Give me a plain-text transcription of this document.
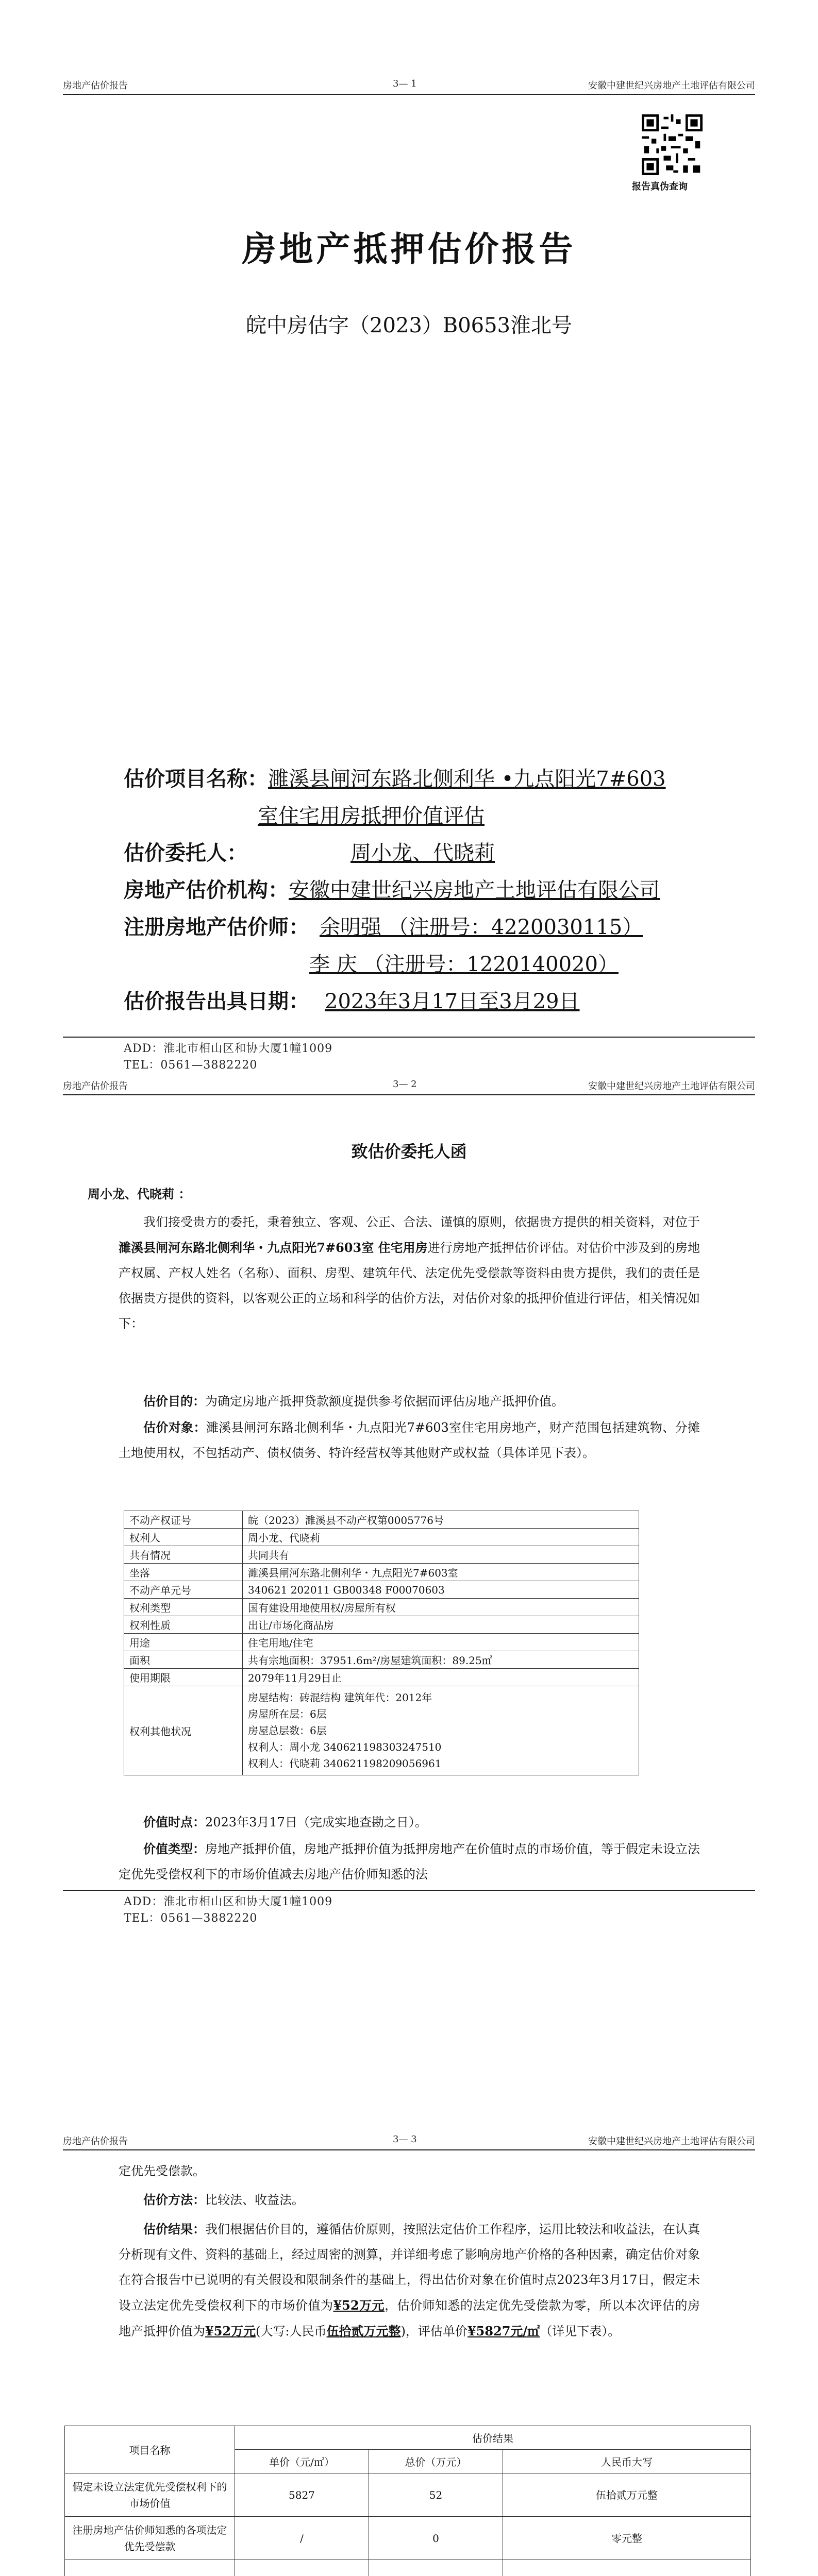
房地产估价报告	3— 1	安徽中建世纪兴房地产土地评估有限公司
报告真伪查询
房地产抵押估价报告
皖中房估字（2023）B0653淮北号
估价项目名称：濉溪县闸河东路北侧利华 •九点阳光7#603
室住宅用房抵押价值评估
估价委托人：	周小龙、代晓莉
房地产估价机构：安徽中建世纪兴房地产土地评估有限公司
注册房地产估价师： 余明强 （注册号：4220030115）
李 庆 （注册号：1220140020）
估价报告出具日期： 2023年3月17日至3月29日
ADD：淮北市相山区和协大厦1幢1009
TEL：0561—3882220
房地产估价报告	3— 2	安徽中建世纪兴房地产土地评估有限公司
致估价委托人函
周小龙、代晓莉 ：

我们接受贵方的委托，秉着独立、客观、公正、合法、谨慎的原则，依据贵方提供的相关资料，对位于濉溪县闸河东路北侧利华・九点阳光7#603室 住宅用房进行房地产抵押估价评估。对估价中涉及到的房地产权属、产权人姓名（名称）、面积、房型、建筑年代、法定优先受偿款等资料由贵方提供，我们的责任是依据贵方提供的资料，以客观公正的立场和科学的估价方法，对估价对象的抵押价值进行评估，相关情况如下：

估价目的：为确定房地产抵押贷款额度提供参考依据而评估房地产抵押价值。

估价对象：濉溪县闸河东路北侧利华・九点阳光7#603室住宅用房地产，财产范围包括建筑物、分摊土地使用权，不包括动产、债权债务、特许经营权等其他财产或权益（具体详见下表）。

不动产权证号	皖（2023）濉溪县不动产权第0005776号
权利人	周小龙、代晓莉
共有情况	共同共有
坐落	濉溪县闸河东路北侧利华・九点阳光7#603室
不动产单元号	340621 202011 GB00348 F00070603
权利类型	国有建设用地使用权/房屋所有权
权利性质	出让/市场化商品房
用途	住宅用地/住宅
面积	共有宗地面积：37951.6m²/房屋建筑面积：89.25㎡
使用期限	2079年11月29日止
权利其他状况	房屋结构：砖混结构 建筑年代：2012年
房屋所在层：6层
房屋总层数：6层
权利人：周小龙 340621198303247510
权利人：代晓莉 340621198209056961

价值时点：2023年3月17日（完成实地查勘之日）。

价值类型：房地产抵押价值，房地产抵押价值为抵押房地产在价值时点的市场价值，等于假定未设立法定优先受偿权利下的市场价值减去房地产估价师知悉的法

ADD：淮北市相山区和协大厦1幢1009
TEL：0561—3882220
房地产估价报告	3— 3	安徽中建世纪兴房地产土地评估有限公司

定优先受偿款。

估价方法：比较法、收益法。

估价结果：我们根据估价目的，遵循估价原则，按照法定估价工作程序，运用比较法和收益法，在认真分析现有文件、资料的基础上，经过周密的测算，并详细考虑了影响房地产价格的各种因素，确定估价对象在符合报告中已说明的有关假设和限制条件的基础上，得出估价对象在价值时点2023年3月17日，假定未设立法定优先受偿权利下的市场价值为¥52万元，估价师知悉的法定优先受偿款为零，所以本次评估的房地产抵押价值为¥52万元(大写:人民币伍拾贰万元整)，评估单价¥5827元/㎡（详见下表）。

项目名称	估价结果		
	单价（元/㎡）	总价（万元）	人民币大写
假定未设立法定优先受偿权利下的市场价值	5827	52	伍拾贰万元整
注册房地产估价师知悉的各项法定优先受偿款	/	0	零元整
